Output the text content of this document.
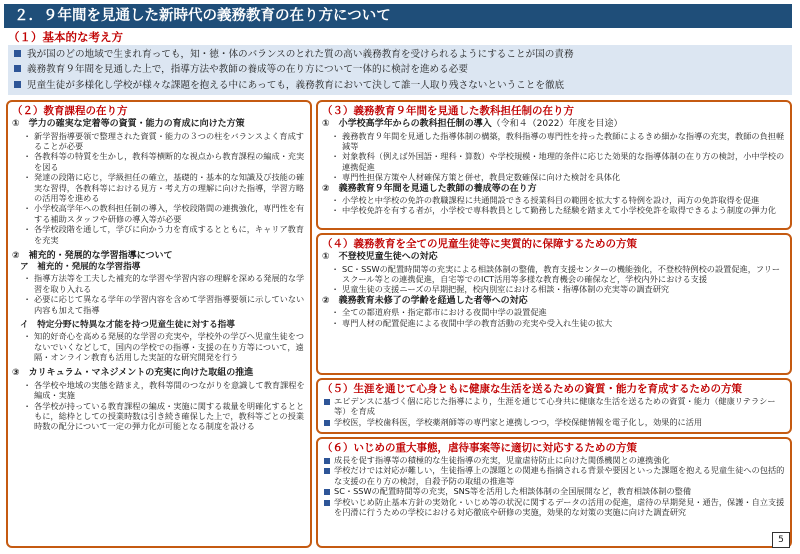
２．９年間を見通した新時代の義務教育の在り方について
（１）基本的な考え方
我が国のどの地域で生まれ育っても，知・徳・体のバランスのとれた質の高い義務教育を受けられるようにすることが国の責務
義務教育９年間を見通した上で，指導方法や教師の養成等の在り方について一体的に検討を進める必要
児童生徒が多様化し学校が様々な課題を抱える中にあっても，義務教育において決して誰一人取り残さないということを徹底
（２）教育課程の在り方
①　学力の確実な定着等の資質・能力の育成に向けた方策
・ 新学習指導要領で整理された資質・能力の３つの柱をバランスよく育成することが必要
・ 各教科等の特質を生かし，教科等横断的な視点から教育課程の編成・充実を図る
・ 発達の段階に応じ，学級担任の確立，基礎的・基本的な知識及び技能の確実な習得，各教科等における見方・考え方の理解に向けた指導，学習方略の活用等を進める
・ 小学校高学年への教科担任制の導入，学校段階間の連携強化，専門性を有する補助スタッフや研修の導入等が必要
・ 各学校段階を通して，学びに向かう力を育成するとともに，キャリア教育を充実
②　補充的・発展的な学習指導について
ア　補充的・発展的な学習指導
・ 指導方法等を工夫した補充的な学習や学習内容の理解を深める発展的な学習を取り入れる
・ 必要に応じて異なる学年の学習内容を含めて学習指導要領に示していない内容も加えて指導
イ　特定分野に特異な才能を持つ児童生徒に対する指導
・ 知的好奇心を高める発展的な学習の充実や，学校外の学びへ児童生徒をつないでいくなどして，国内の学校での指導・支援の在り方等について，遠隔・オンライン教育も活用した実証的な研究開発を行う
③　カリキュラム・マネジメントの充実に向けた取組の推進
・ 各学校や地域の実態を踏まえ，教科等間のつながりを意識して教育課程を編成・実施
・ 各学校が持っている教育課程の編成・実施に関する裁量を明確化するとともに，総枠としての授業時数は引き続き確保した上で，教科等ごとの授業時数の配分について一定の弾力化が可能となる制度を設ける
（３）義務教育９年間を見通した教科担任制の在り方
①　小学校高学年からの教科担任制の導入（令和４（2022）年度を目途）
・ 義務教育９年間を見通した指導体制の構築，教科指導の専門性を持った教師によるきめ細かな指導の充実，教師の負担軽減等
・ 対象教科（例えば外国語・理科・算数）や学校規模・地理的条件に応じた効果的な指導体制の在り方の検討，小中学校の連携促進
・ 専門性担保方策や人材確保方策と併せ，教員定数確保に向けた検討を具体化
②　義務教育９年間を見通した教師の養成等の在り方
・ 小学校と中学校の免許の教職課程に共通開設できる授業科目の範囲を拡大する特例を設け，両方の免許取得を促進
・ 中学校免許を有する者が，小学校で専科教員として勤務した経験を踏まえて小学校免許を取得できるよう制度の弾力化
（４）義務教育を全ての児童生徒等に実質的に保障するための方策
①　不登校児童生徒への対応
・ SC・SSWの配置時間等の充実による相談体制の整備，教育支援センターの機能強化，不登校特例校の設置促進，フリースクール等との連携促進，自宅等でのICT活用等多様な教育機会の確保など，学校内外における支援
・ 児童生徒の支援ニーズの早期把握，校内別室における相談・指導体制の充実等の調査研究
②　義務教育未修了の学齢を経過した者等への対応
・ 全ての都道府県・指定都市における夜間中学の設置促進
・ 専門人材の配置促進による夜間中学の教育活動の充実や受入れ生徒の拡大
（５）生涯を通じて心身ともに健康な生活を送るための資質・能力を育成するための方策
エビデンスに基づく個に応じた指導により，生涯を通じて心身共に健康な生活を送るための資質・能力（健康リテラシー等）を育成
学校医，学校歯科医，学校薬剤師等の専門家と連携しつつ，学校保健情報を電子化し，効果的に活用
（６）いじめの重大事態，虐待事案等に適切に対応するための方策
成長を促す指導等の積極的な生徒指導の充実，児童虐待防止に向けた関係機関との連携強化
学校だけでは対応が難しい，生徒指導上の課題との関連も指摘される背景や要因といった課題を抱える児童生徒への包括的な支援の在り方の検討，自殺予防の取組の推進等
SC・SSWの配置時間等の充実，SNS等を活用した相談体制の全国展開など，教育相談体制の整備
学校いじめ防止基本方針の実効化・いじめ等の状況に関するデータの活用の促進，虐待の早期発見・通告，保護・自立支援を円滑に行うための学校における対応徹底や研修の実施，効果的な対策の実施に向けた調査研究
5
